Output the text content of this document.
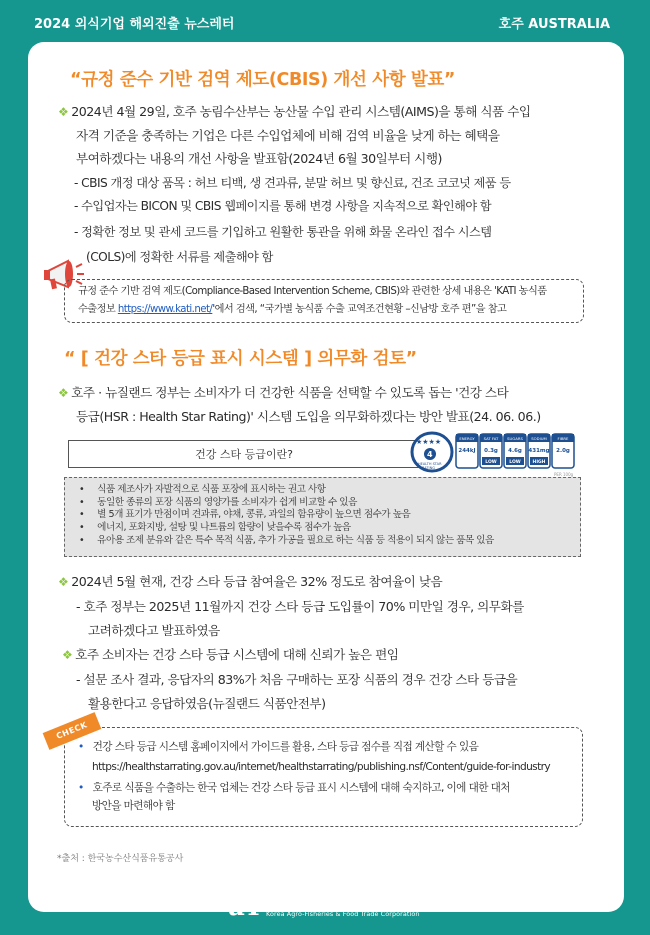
2024 외식기업 해외진출 뉴스레터	호주 AUSTRALIA
“규정 준수 기반 검역 제도(CBIS) 개선 사항 발표”
❖ 2024년 4월 29일, 호주 농림수산부는 농산물 수입 관리 시스템(AIMS)을 통해 식품 수입
자격 기준을 충족하는 기업은 다른 수입업체에 비해 검역 비율을 낮게 하는 혜택을
부여하겠다는 내용의 개선 사항을 발표함(2024년 6월 30일부터 시행)
- CBIS 개정 대상 품목 : 허브 티백, 생 견과류, 분말 허브 및 향신료, 건조 코코넛 제품 등
- 수입업자는 BICON 및 CBIS 웹페이지를 통해 변경 사항을 지속적으로 확인해야 함
- 정확한 정보 및 관세 코드를 기입하고 원활한 통관을 위해 화물 온라인 접수 시스템
(COLS)에 정확한 서류를 제출해야 함
규정 준수 기반 검역 제도(Compliance-Based Intervention Scheme, CBIS)와 관련한 상세 내용은 'KATI 농식품
수출정보 https://www.kati.net/'에서 검색, “국가별 농식품 수출 교역조건현황 –신남방 호주 편”을 참고
“ [ 건강 스타 등급 표시 시스템 ] 의무화 검토”
❖ 호주 · 뉴질랜드 정부는 소비자가 더 건강한 식품을 선택할 수 있도록 돕는 '건강 스타
등급(HSR : Health Star Rating)' 시스템 도입을 의무화하겠다는 방안 발표(24. 06. 06.)
건강 스타 등급이란?
★★★★
4
HEALTH STAR
RATING
ENERGY
244kJ
SAT FAT
0.3g
LOW
SUGARS
4.6g
LOW
SODIUM
431mg
HIGH
FIBRE
2.0g
PER 100g
• 식품 제조사가 자발적으로 식품 포장에 표시하는 권고 사항
• 동일한 종류의 포장 식품의 영양가를 소비자가 쉽게 비교할 수 있음
• 별 5개 표기가 만점이며 견과류, 야채, 콩류, 과일의 함유량이 높으면 점수가 높음
• 에너지, 포화지방, 설탕 및 나트륨의 함량이 낮을수록 점수가 높음
• 유아용 조제 분유와 같은 특수 목적 식품, 추가 가공을 필요로 하는 식품 등 적용이 되지 않는 품목 있음
❖ 2024년 5월 현재, 건강 스타 등급 참여율은 32% 정도로 참여율이 낮음
- 호주 정부는 2025년 11월까지 건강 스타 등급 도입률이 70% 미만일 경우, 의무화를
고려하겠다고 발표하였음
❖ 호주 소비자는 건강 스타 등급 시스템에 대해 신뢰가 높은 편임
- 설문 조사 결과, 응답자의 83%가 처음 구매하는 포장 식품의 경우 건강 스타 등급을
활용한다고 응답하였음(뉴질랜드 식품안전부)
CHECK
• 건강 스타 등급 시스템 홈페이지에서 가이드를 활용, 스타 등급 점수를 직접 계산할 수 있음
https://healthstarrating.gov.au/internet/healthstarrating/publishing.nsf/Content/guide-for-industry
• 호주로 식품을 수출하는 한국 업체는 건강 스타 등급 표시 시스템에 대해 숙지하고, 이에 대한 대처
방안을 마련해야 함
*출처 : 한국농수산식품유통공사
9
aT 한국농수산식품유통공사
Korea Agro-Fisheries & Food Trade Corporation
